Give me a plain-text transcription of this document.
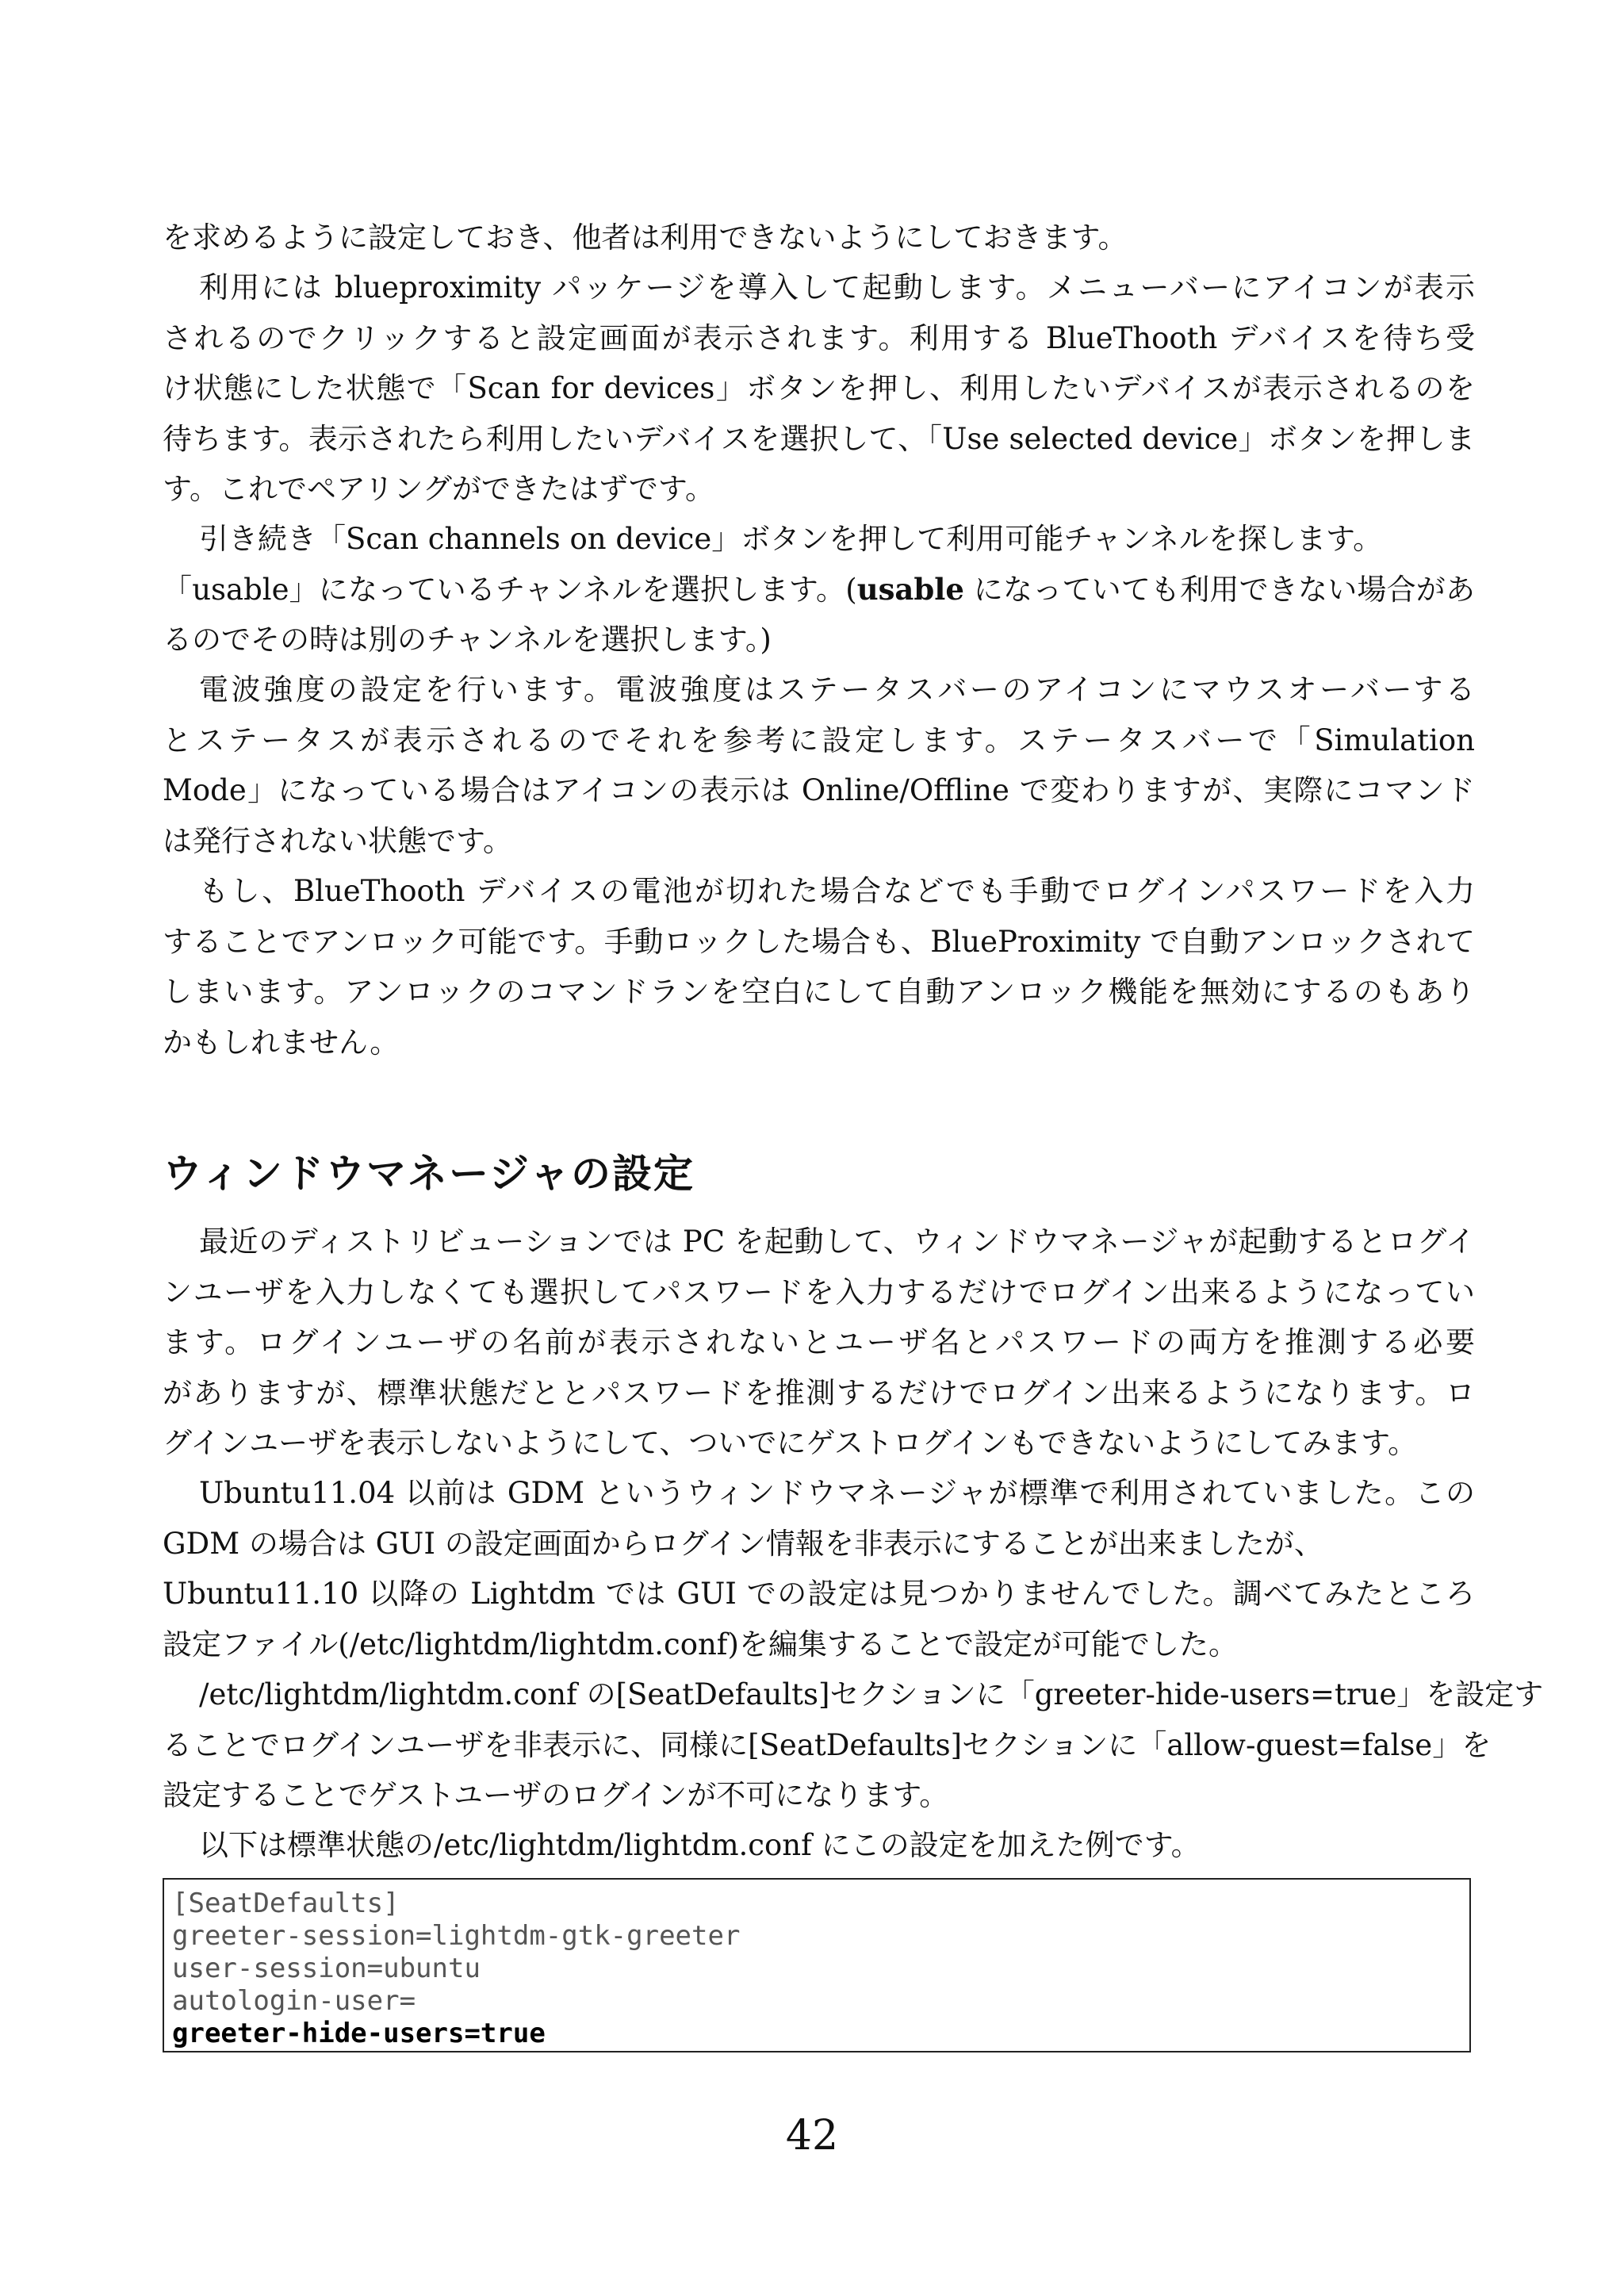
を求めるように設定しておき、他者は利用できないようにしておきます。
利用には blueproximity パッケージを導入して起動します。メニューバーにアイコンが表示
されるのでクリックすると設定画面が表示されます。利用する BlueThooth デバイスを待ち受
け状態にした状態で「Scan for devices」ボタンを押し、利用したいデバイスが表示されるのを
待ちます。表示されたら利用したいデバイスを選択して、「Use selected device」ボタンを押しま
す。これでペアリングができたはずです。
引き続き「Scan channels on device」ボタンを押して利用可能チャンネルを探します。
「usable」になっているチャンネルを選択します。(usable になっていても利用できない場合があ
るのでその時は別のチャンネルを選択します。)
電波強度の設定を行います。電波強度はステータスバーのアイコンにマウスオーバーする
とステータスが表示されるのでそれを参考に設定します。ステータスバーで「Simulation
Mode」になっている場合はアイコンの表示は Online/Offline で変わりますが、実際にコマンド
は発行されない状態です。
もし、BlueThooth デバイスの電池が切れた場合などでも手動でログインパスワードを入力
することでアンロック可能です。手動ロックした場合も、BlueProximity で自動アンロックされて
しまいます。アンロックのコマンドランを空白にして自動アンロック機能を無効にするのもあり
かもしれません。
ウィンドウマネージャの設定
最近のディストリビューションでは PC を起動して、ウィンドウマネージャが起動するとログイ
ンユーザを入力しなくても選択してパスワードを入力するだけでログイン出来るようになってい
ます。ログインユーザの名前が表示されないとユーザ名とパスワードの両方を推測する必要
がありますが、標準状態だととパスワードを推測するだけでログイン出来るようになります。ロ
グインユーザを表示しないようにして、ついでにゲストログインもできないようにしてみます。
Ubuntu11.04 以前は GDM というウィンドウマネージャが標準で利用されていました。この
GDM の場合は GUI の設定画面からログイン情報を非表示にすることが出来ましたが、
Ubuntu11.10 以降の Lightdm では GUI での設定は見つかりませんでした。調べてみたところ
設定ファイル(/etc/lightdm/lightdm.conf)を編集することで設定が可能でした。
/etc/lightdm/lightdm.conf の[SeatDefaults]セクションに「greeter-hide-users=true」を設定す
ることでログインユーザを非表示に、同様に[SeatDefaults]セクションに「allow-guest=false」を
設定することでゲストユーザのログインが不可になります。
以下は標準状態の/etc/lightdm/lightdm.conf にこの設定を加えた例です。
[SeatDefaults]
greeter-session=lightdm-gtk-greeter
user-session=ubuntu
autologin-user=
greeter-hide-users=true
42
